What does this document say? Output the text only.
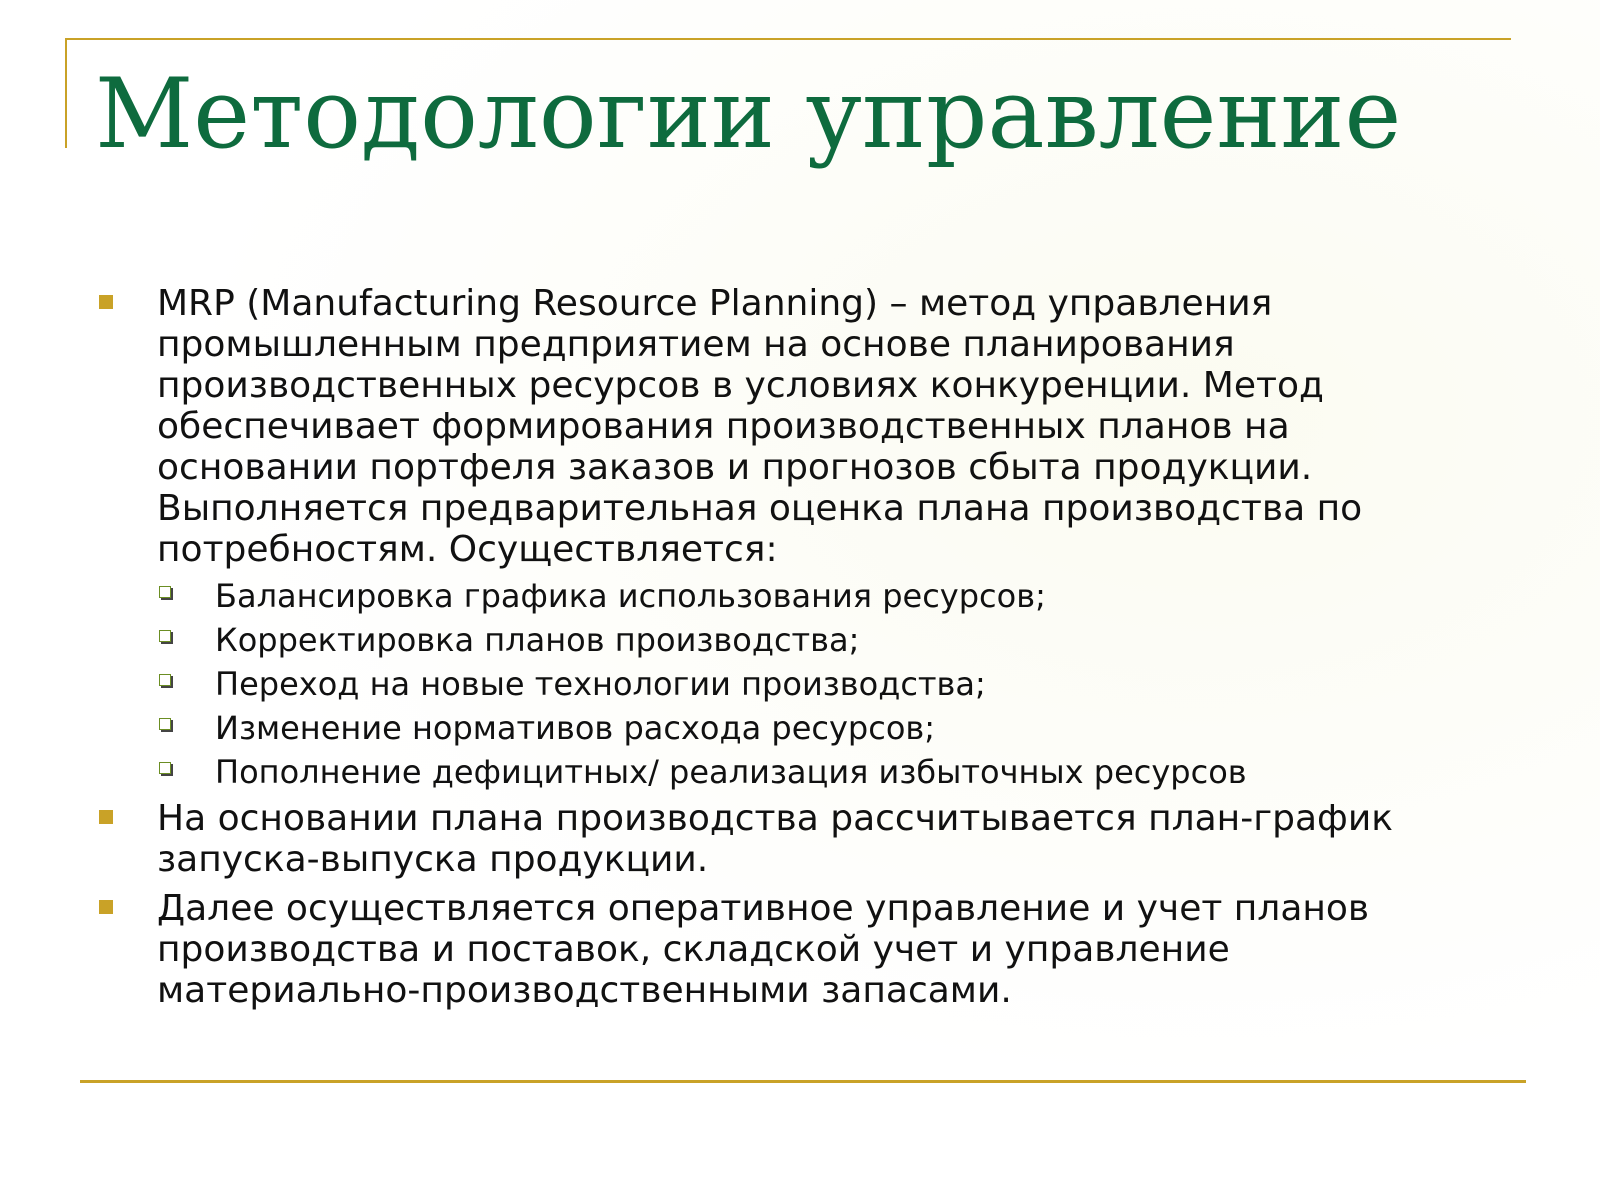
Методологии управление
MRP (Manufacturing Resource Planning) – метод управления
промышленным предприятием на основе планирования
производственных ресурсов в условиях конкуренции. Метод
обеспечивает формирования производственных планов на
основании портфеля заказов и прогнозов сбыта продукции.
Выполняется предварительная оценка плана производства по
потребностям. Осуществляется:
Балансировка графика использования ресурсов;
Корректировка планов производства;
Переход на новые технологии производства;
Изменение нормативов расхода ресурсов;
Пополнение дефицитных/ реализация избыточных ресурсов
На основании плана производства рассчитывается план-график
запуска-выпуска продукции.
Далее осуществляется оперативное управление и учет планов
производства и поставок, складской учет и управление
материально-производственными запасами.
